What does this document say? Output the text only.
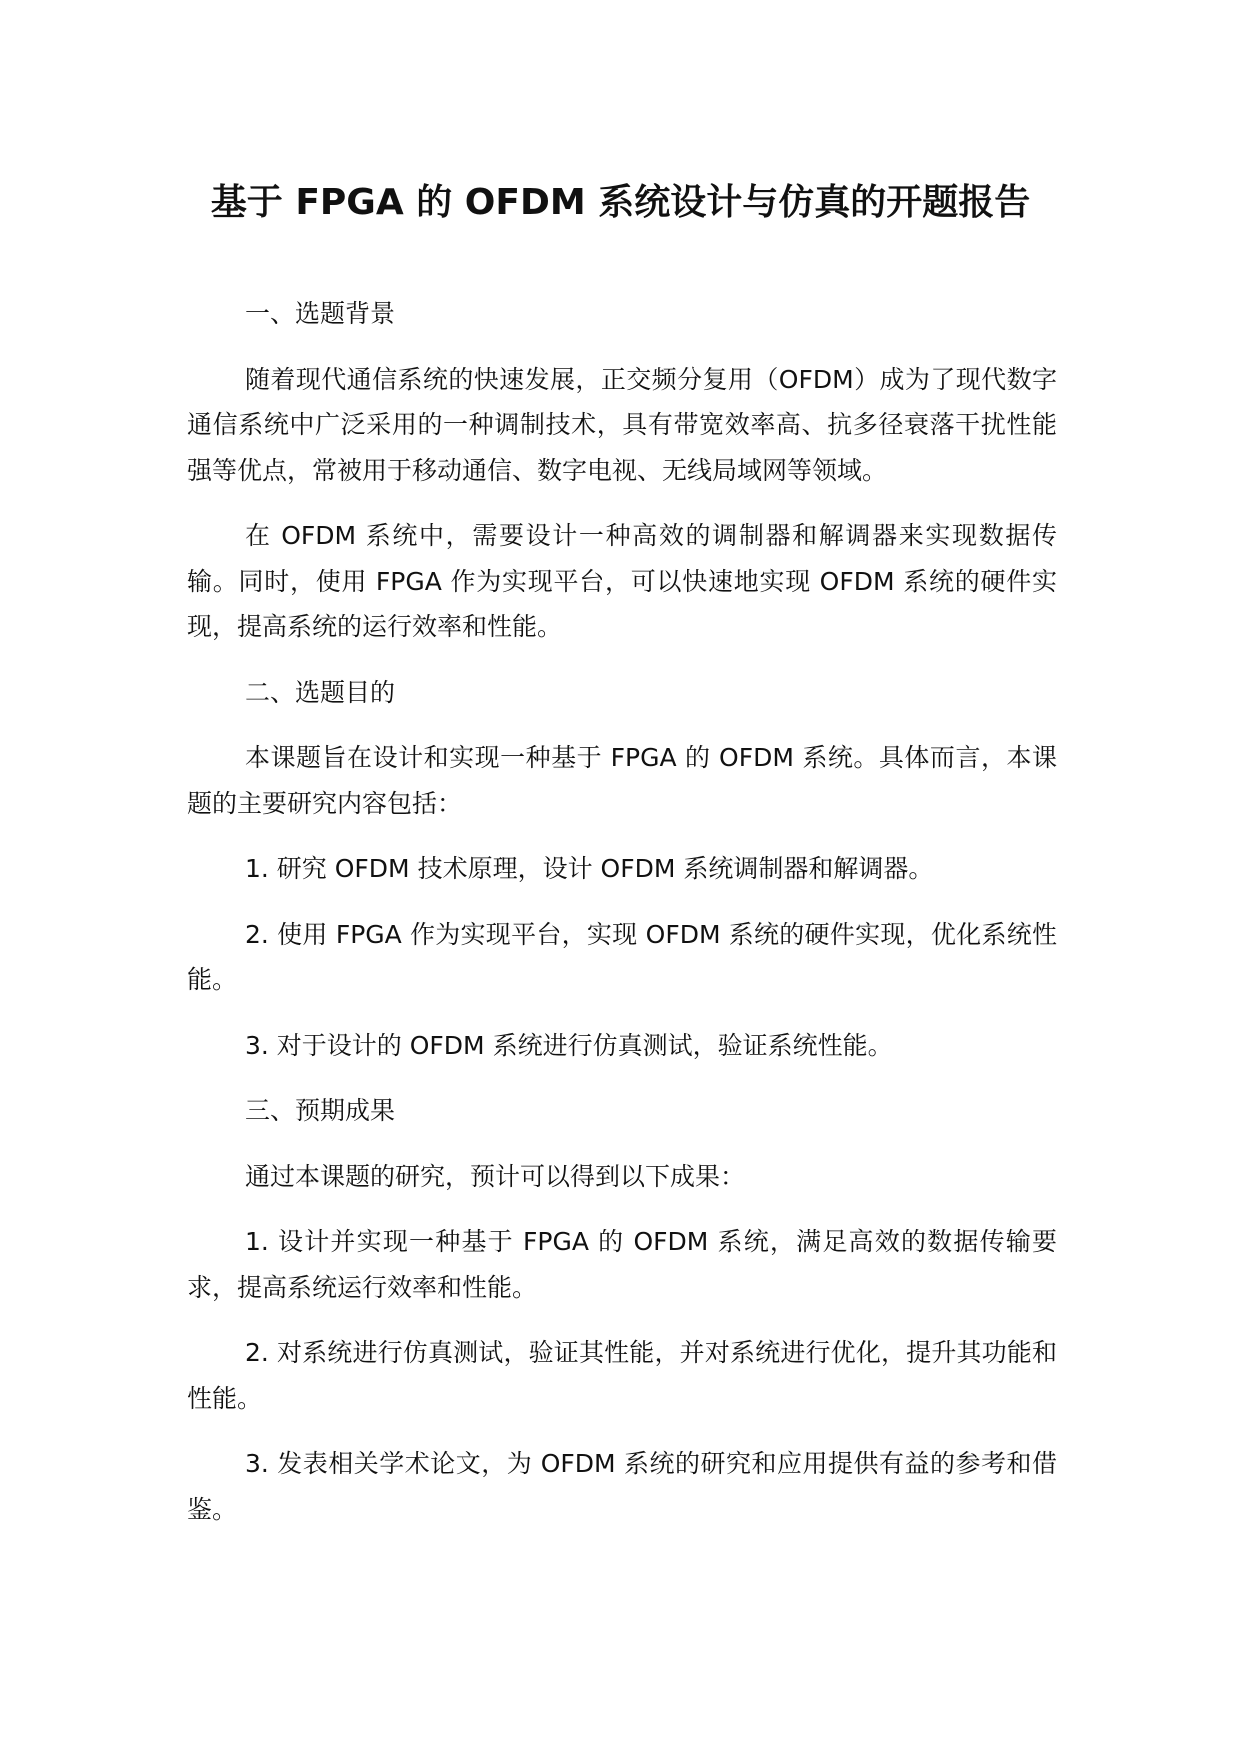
基于 FPGA 的 OFDM 系统设计与仿真的开题报告

一、选题背景

随着现代通信系统的快速发展，正交频分复用（OFDM）成为了现代数字通信系统中广泛采用的一种调制技术，具有带宽效率高、抗多径衰落干扰性能强等优点，常被用于移动通信、数字电视、无线局域网等领域。

在 OFDM 系统中，需要设计一种高效的调制器和解调器来实现数据传输。同时，使用 FPGA 作为实现平台，可以快速地实现 OFDM 系统的硬件实现，提高系统的运行效率和性能。

二、选题目的

本课题旨在设计和实现一种基于 FPGA 的 OFDM 系统。具体而言，本课题的主要研究内容包括：

1. 研究 OFDM 技术原理，设计 OFDM 系统调制器和解调器。

2. 使用 FPGA 作为实现平台，实现 OFDM 系统的硬件实现，优化系统性能。

3. 对于设计的 OFDM 系统进行仿真测试，验证系统性能。

三、预期成果

通过本课题的研究，预计可以得到以下成果：

1. 设计并实现一种基于 FPGA 的 OFDM 系统，满足高效的数据传输要求，提高系统运行效率和性能。

2. 对系统进行仿真测试，验证其性能，并对系统进行优化，提升其功能和性能。

3. 发表相关学术论文，为 OFDM 系统的研究和应用提供有益的参考和借鉴。
